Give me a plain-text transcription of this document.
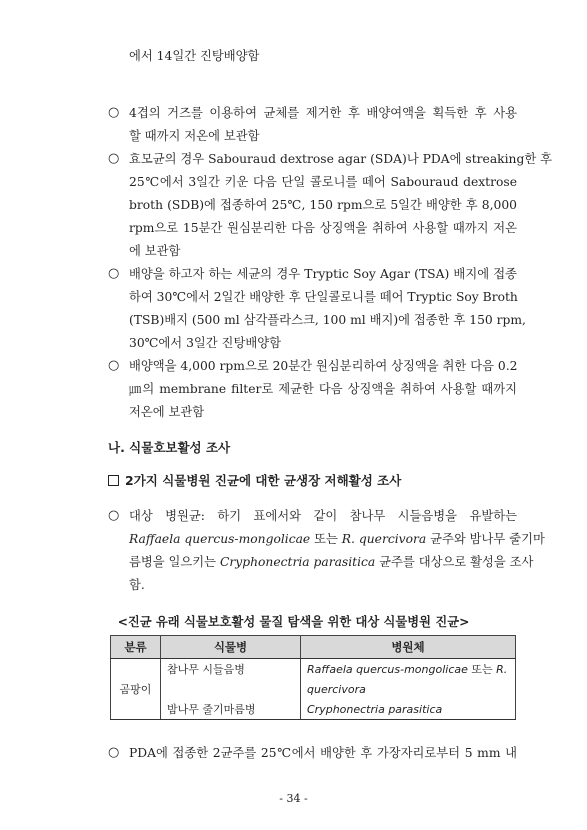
에서 14일간 진탕배양함
○ 4겹의 거즈를 이용하여 균체를 제거한 후 배양여액을 획득한 후 사용
할 때까지 저온에 보관함
○ 효모균의 경우 Sabouraud dextrose agar (SDA)나 PDA에 streaking한 후
25℃에서 3일간 키운 다음 단일 콜로니를 떼어 Sabouraud dextrose
broth (SDB)에 접종하여 25℃, 150 rpm으로 5일간 배양한 후 8,000
rpm으로 15분간 원심분리한 다음 상징액을 취하여 사용할 때까지 저온
에 보관함
○ 배양을 하고자 하는 세균의 경우 Tryptic Soy Agar (TSA) 배지에 접종
하여 30℃에서 2일간 배양한 후 단일콜로니를 떼어 Tryptic Soy Broth
(TSB)배지 (500 ml 삼각플라스크, 100 ml 배지)에 접종한 후 150 rpm,
30℃에서 3일간 진탕배양함
○ 배양액을 4,000 rpm으로 20분간 원심분리하여 상징액을 취한 다음 0.2
㎛의 membrane filter로 제균한 다음 상징액을 취하여 사용할 때까지
저온에 보관함
나. 식물호보활성 조사
2가지 식물병원 진균에 대한 균생장 저해활성 조사
○ 대상 병원균: 하기 표에서와 같이 참나무 시들음병을 유발하는
Raffaela quercus-mongolicae 또는 R. quercivora 균주와 밤나무 줄기마
름병을 일으키는 Cryphonectria parasitica 균주를 대상으로 활성을 조사
함.
<진균 유래 식물보호활성 물질 탐색을 위한 대상 식물병원 진균>
분류	식물병	병원체
곰팡이	참나무 시들음병	Raffaela quercus-mongolicae 또는 R.
		quercivora
	밤나무 줄기마름병	Cryphonectria parasitica
○ PDA에 접종한 2균주를 25℃에서 배양한 후 가장자리로부터 5 mm 내
- 34 -
